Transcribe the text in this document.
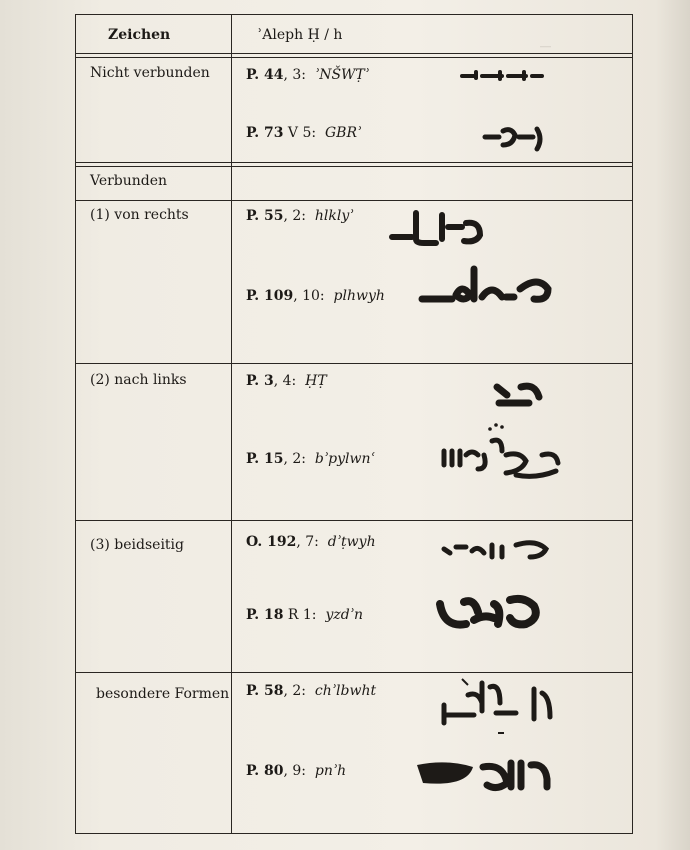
―
Zeichen	ʾAleph Ḥ / h
Nicht verbunden	P. 44, 3: ʾNŠWṬʾ
P. 73 V 5: GBRʾ
Verbunden
(1) von rechts	P. 55, 2: hlklyʾ
P. 109, 10: plhwyh
(2) nach links	P. 3, 4: ḤṬ
P. 15, 2: bʾpylwnʿ
(3) beidseitig	O. 192, 7: dʾṭwyh
P. 18 R 1: yzdʾn
besondere Formen P. 58, 2: chʾlbwht
P. 80, 9: pnʾh
